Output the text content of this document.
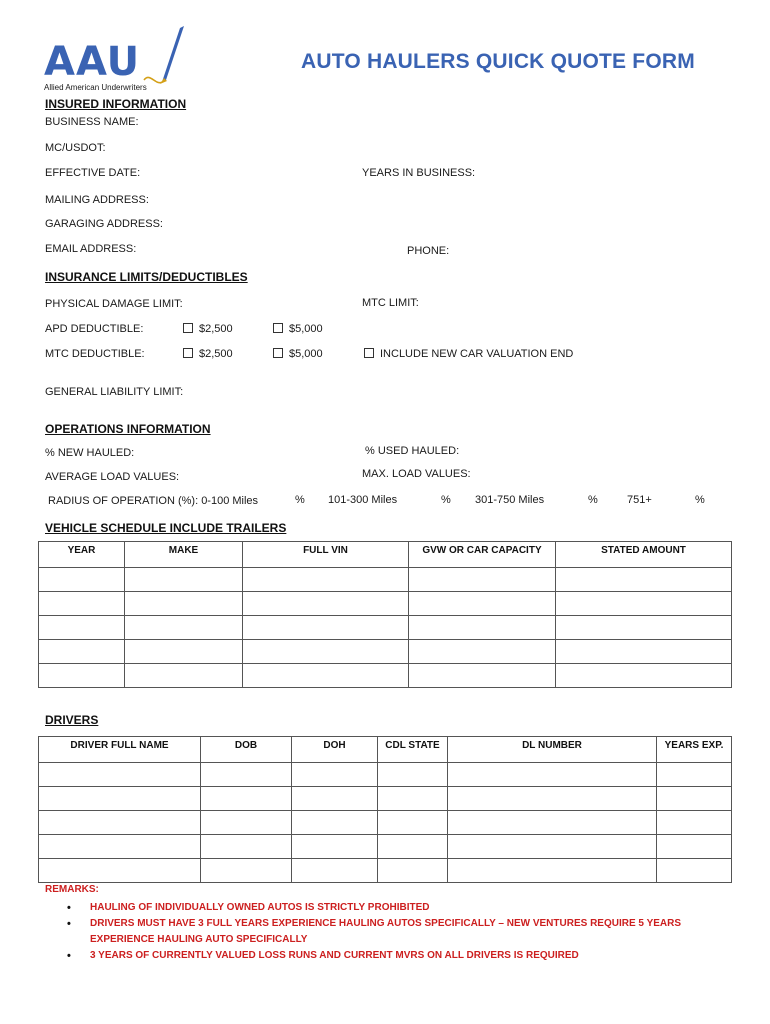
AAU
Allied American Underwriters
AUTO HAULERS QUICK QUOTE FORM
INSURED INFORMATION
BUSINESS NAME:
MC/USDOT:
EFFECTIVE DATE:	YEARS IN BUSINESS:
MAILING ADDRESS:
GARAGING ADDRESS:
EMAIL ADDRESS:	PHONE:
INSURANCE LIMITS/DEDUCTIBLES
PHYSICAL DAMAGE LIMIT:	MTC LIMIT:
APD DEDUCTIBLE:	$2,500	$5,000
MTC DEDUCTIBLE:	$2,500	$5,000	INCLUDE NEW CAR VALUATION END
GENERAL LIABILITY LIMIT:
OPERATIONS INFORMATION
% NEW HAULED:	% USED HAULED:
AVERAGE LOAD VALUES:	MAX. LOAD VALUES:
RADIUS OF OPERATION (%): 0-100 Miles	% 101-300 Miles	% 301-750 Miles	%	751+	%
VEHICLE SCHEDULE INCLUDE TRAILERS
YEAR	MAKE	FULL VIN	GVW OR CAR CAPACITY	STATED AMOUNT

DRIVERS
DRIVER FULL NAME	DOB	DOH	CDL STATE	DL NUMBER	YEARS EXP.

REMARKS:
• HAULING OF INDIVIDUALLY OWNED AUTOS IS STRICTLY PROHIBITED
• DRIVERS MUST HAVE 3 FULL YEARS EXPERIENCE HAULING AUTOS SPECIFICALLY – NEW VENTURES REQUIRE 5 YEARS EXPERIENCE HAULING AUTO SPECIFICALLY
• 3 YEARS OF CURRENTLY VALUED LOSS RUNS AND CURRENT MVRS ON ALL DRIVERS IS REQUIRED
